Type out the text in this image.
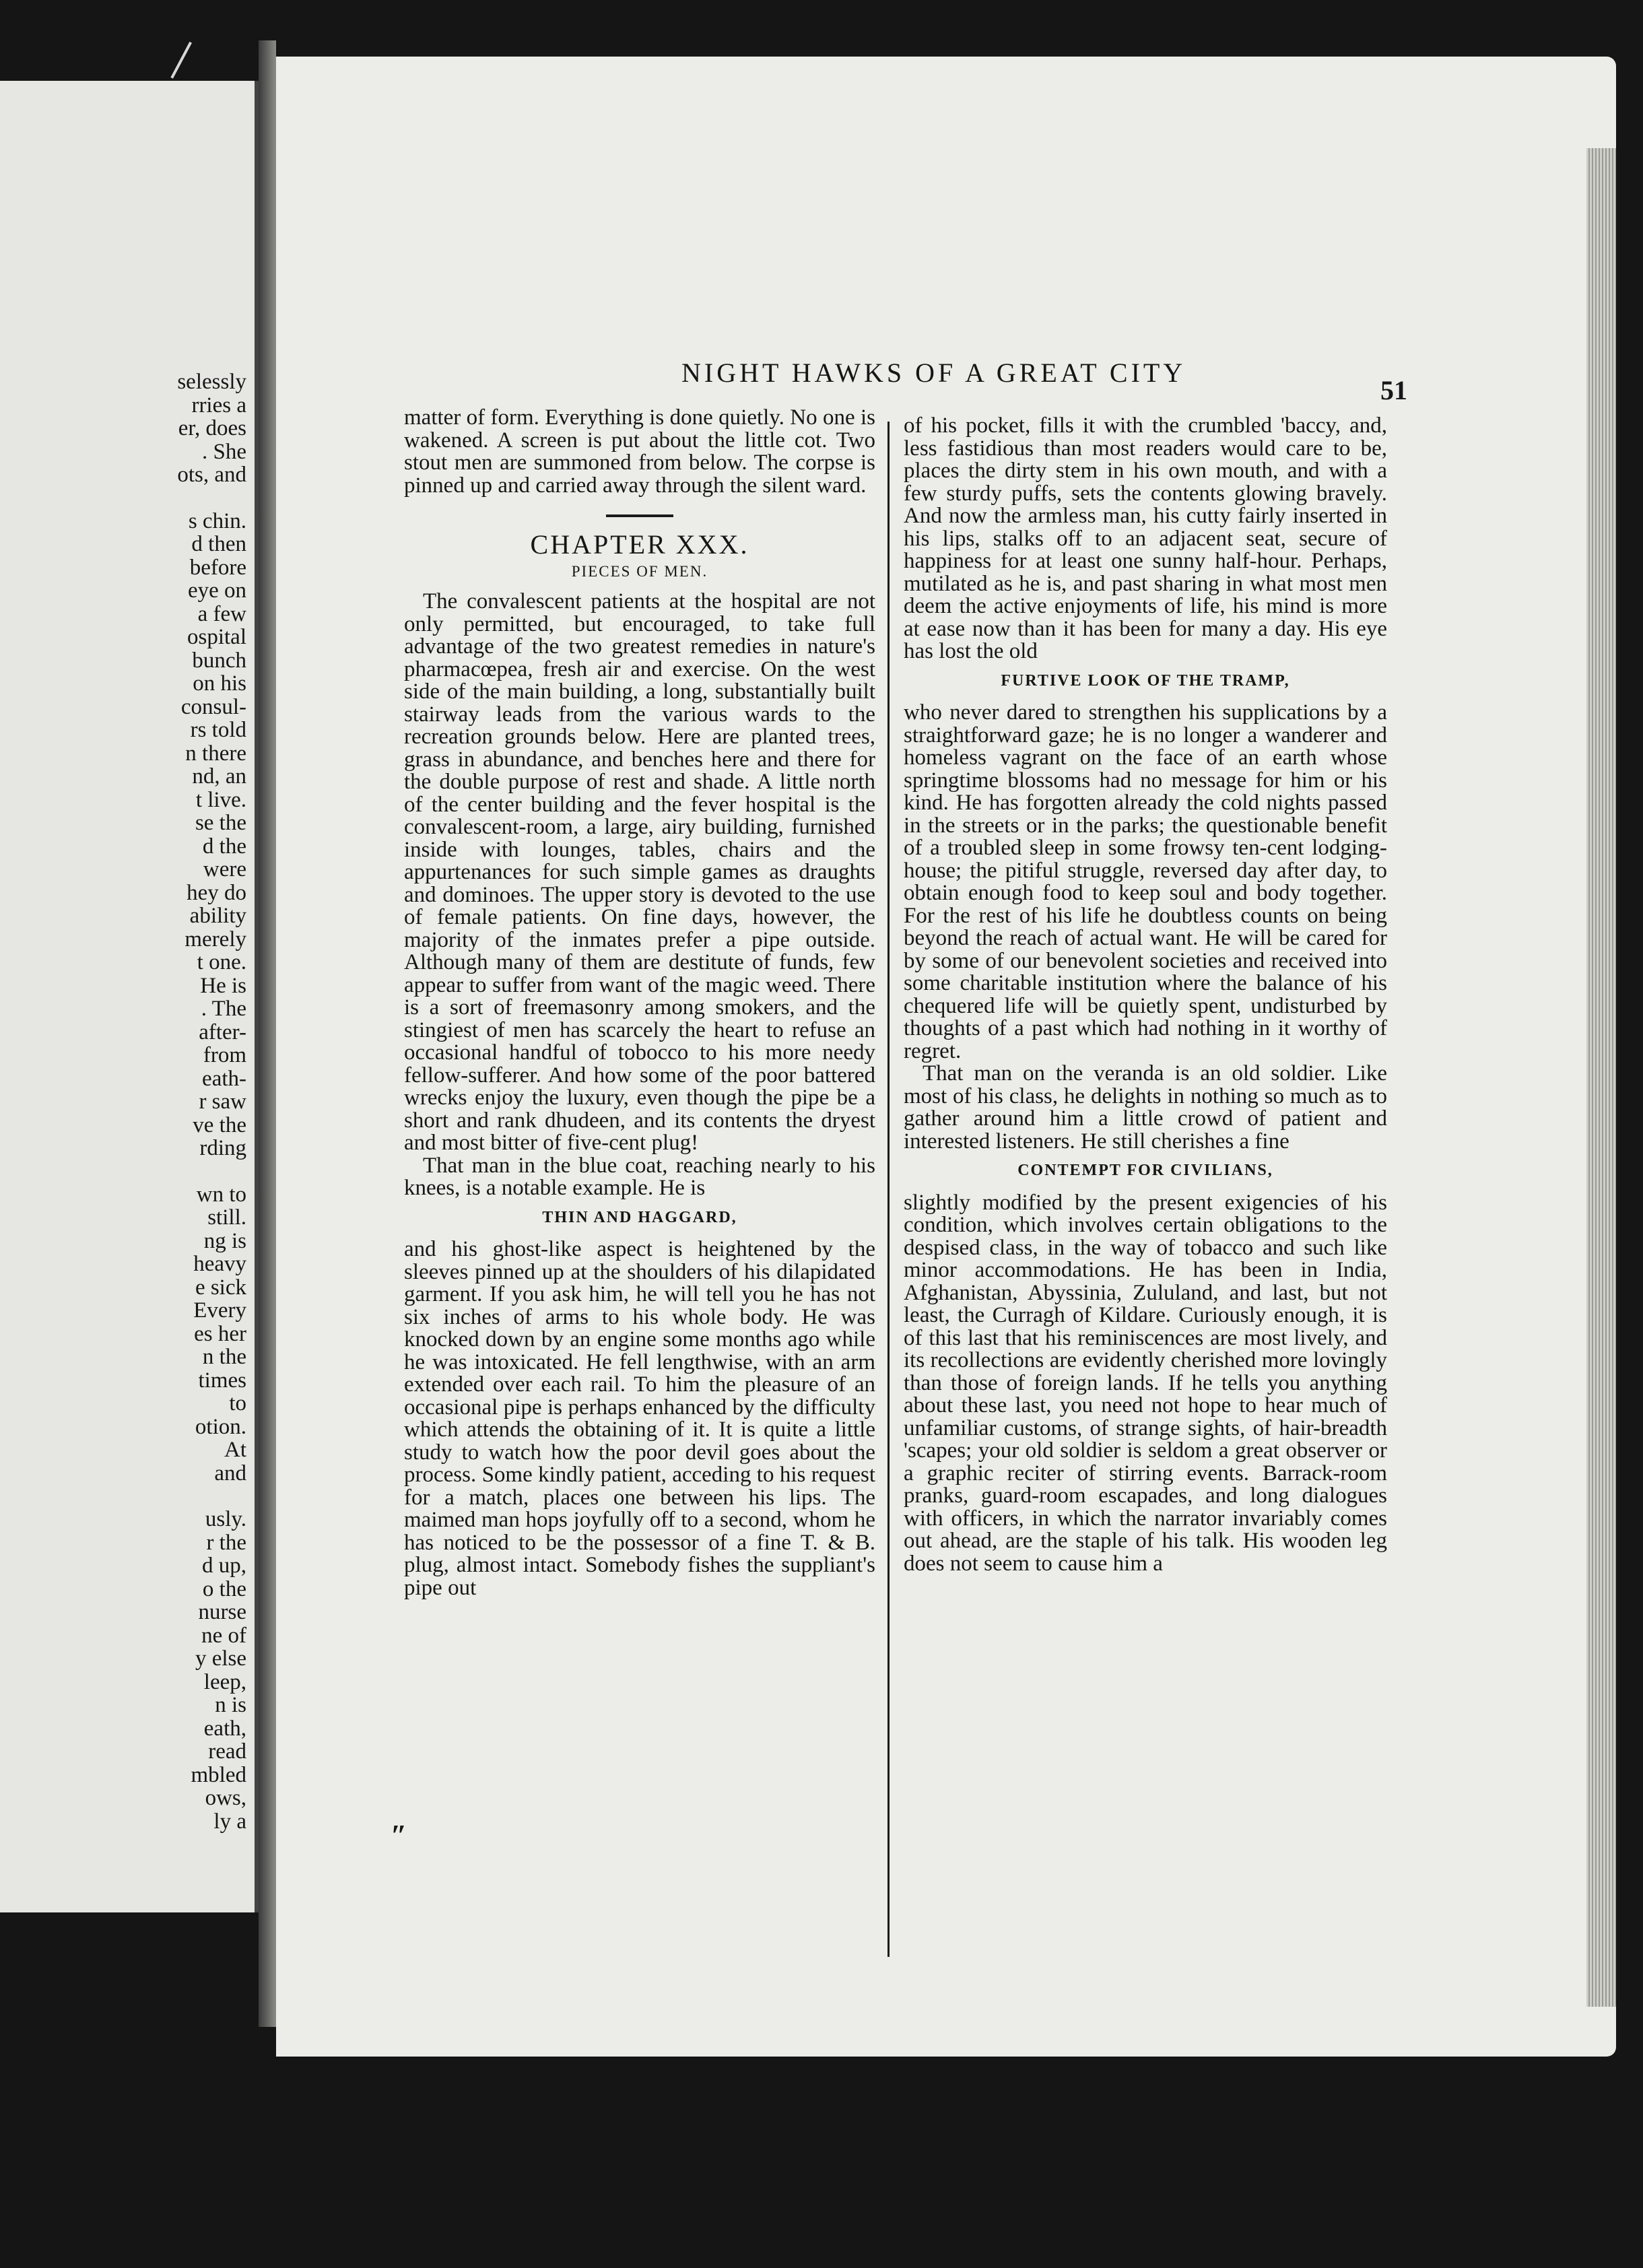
selessly
rries a
er, does
. She
ots, and
s chin.
d then
before
eye on
a few
ospital
bunch
on his
consul-
rs told
n there
nd, an
t live.
se the
d the
were
hey do
ability
merely
t one.
He is
. The
after-
from
eath-
r saw
ve the
rding
wn to
still.
ng is
heavy
e sick
Every
es her
n the
times
to
otion.
At
and
usly.
r the
d up,
o the
nurse
ne of
y else
leep,
n is
eath,
read
mbled
ows,
ly a
NIGHT HAWKS OF A GREAT CITY
51

matter of form. Everything is done quietly. No one is wakened. A screen is put about the little cot. Two stout men are summoned from below. The corpse is pinned up and carried away through the silent ward.

CHAPTER XXX.

PIECES OF MEN.

The convalescent patients at the hospital are not only permitted, but encouraged, to take full advantage of the two greatest remedies in nature's pharmacœpea, fresh air and exercise. On the west side of the main building, a long, substantially built stairway leads from the various wards to the recreation grounds below. Here are planted trees, grass in abundance, and benches here and there for the double purpose of rest and shade. A little north of the center building and the fever hospital is the convalescent-room, a large, airy building, furnished inside with lounges, tables, chairs and the appurtenances for such simple games as draughts and dominoes. The upper story is devoted to the use of female patients. On fine days, however, the majority of the inmates prefer a pipe outside. Although many of them are destitute of funds, few appear to suffer from want of the magic weed. There is a sort of freemasonry among smokers, and the stingiest of men has scarcely the heart to refuse an occasional handful of tobocco to his more needy fellow-sufferer. And how some of the poor battered wrecks enjoy the luxury, even though the pipe be a short and rank dhudeen, and its contents the dryest and most bitter of five-cent plug!

That man in the blue coat, reaching nearly to his knees, is a notable example. He is

THIN AND HAGGARD,

and his ghost-like aspect is heightened by the sleeves pinned up at the shoulders of his dilapidated garment. If you ask him, he will tell you he has not six inches of arms to his whole body. He was knocked down by an engine some months ago while he was intoxicated. He fell lengthwise, with an arm extended over each rail. To him the pleasure of an occasional pipe is perhaps enhanced by the difficulty which attends the obtaining of it. It is quite a little study to watch how the poor devil goes about the process. Some kindly patient, acceding to his request for a match, places one between his lips. The maimed man hops joyfully off to a second, whom he has noticed to be the possessor of a fine T. & B. plug, almost intact. Somebody fishes the suppliant's pipe out

of his pocket, fills it with the crumbled 'baccy, and, less fastidious than most readers would care to be, places the dirty stem in his own mouth, and with a few sturdy puffs, sets the contents glowing bravely. And now the armless man, his cutty fairly inserted in his lips, stalks off to an adjacent seat, secure of happiness for at least one sunny half-hour. Perhaps, mutilated as he is, and past sharing in what most men deem the active enjoyments of life, his mind is more at ease now than it has been for many a day. His eye has lost the old

FURTIVE LOOK OF THE TRAMP,

who never dared to strengthen his supplications by a straightforward gaze; he is no longer a wanderer and homeless vagrant on the face of an earth whose springtime blossoms had no message for him or his kind. He has forgotten already the cold nights passed in the streets or in the parks; the questionable benefit of a troubled sleep in some frowsy ten-cent lodging-house; the pitiful struggle, reversed day after day, to obtain enough food to keep soul and body together. For the rest of his life he doubtless counts on being beyond the reach of actual want. He will be cared for by some of our benevolent societies and received into some charitable institution where the balance of his chequered life will be quietly spent, undisturbed by thoughts of a past which had nothing in it worthy of regret.

That man on the veranda is an old soldier. Like most of his class, he delights in nothing so much as to gather around him a little crowd of patient and interested listeners. He still cherishes a fine

CONTEMPT FOR CIVILIANS,

slightly modified by the present exigencies of his condition, which involves certain obligations to the despised class, in the way of tobacco and such like minor accommodations. He has been in India, Afghanistan, Abyssinia, Zululand, and last, but not least, the Curragh of Kildare. Curiously enough, it is of this last that his reminiscences are most lively, and its recollections are evidently cherished more lovingly than those of foreign lands. If he tells you anything about these last, you need not hope to hear much of unfamiliar customs, of strange sights, of hair-breadth 'scapes; your old soldier is seldom a great observer or a graphic reciter of stirring events. Barrack-room pranks, guard-room escapades, and long dialogues with officers, in which the narrator invariably comes out ahead, are the staple of his talk. His wooden leg does not seem to cause him a

ʺ
